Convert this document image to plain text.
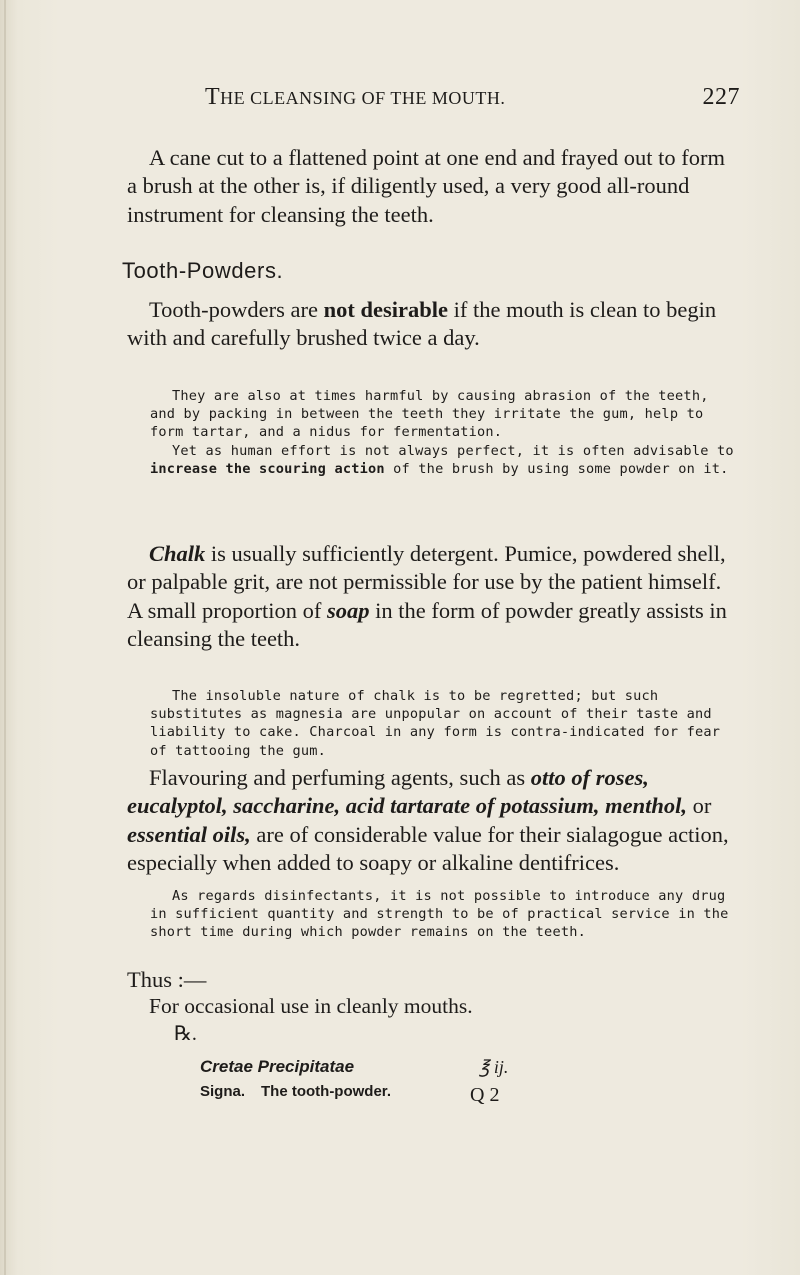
THE CLEANSING OF THE MOUTH.	227

A cane cut to a flattened point at one end and frayed out to form a brush at the other is, if diligently used, a very good all-round instrument for cleansing the teeth.

Tooth-Powders.

Tooth-powders are not desirable if the mouth is clean to begin with and carefully brushed twice a day.

They are also at times harmful by causing abrasion of the teeth, and by packing in between the teeth they irritate the gum, help to form tartar, and a nidus for fermentation.

Yet as human effort is not always perfect, it is often advisable to increase the scouring action of the brush by using some powder on it.

Chalk is usually sufficiently detergent. Pumice, powdered shell, or palpable grit, are not permissible for use by the patient himself. A small proportion of soap in the form of powder greatly assists in cleansing the teeth.

The insoluble nature of chalk is to be regretted; but such substitutes as magnesia are unpopular on account of their taste and liability to cake. Charcoal in any form is contra-indicated for fear of tattooing the gum.

Flavouring and perfuming agents, such as otto of roses, eucalyptol, saccharine, acid tartarate of potassium, menthol, or essential oils, are of considerable value for their sialagogue action, especially when added to soapy or alkaline dentifrices.

As regards disinfectants, it is not possible to introduce any drug in sufficient quantity and strength to be of practical service in the short time during which powder remains on the teeth.

Thus :—

For occasional use in cleanly mouths.

℞.
Cretae Precipitatae	℥ ij.
Signa. The tooth-powder.	Q 2
